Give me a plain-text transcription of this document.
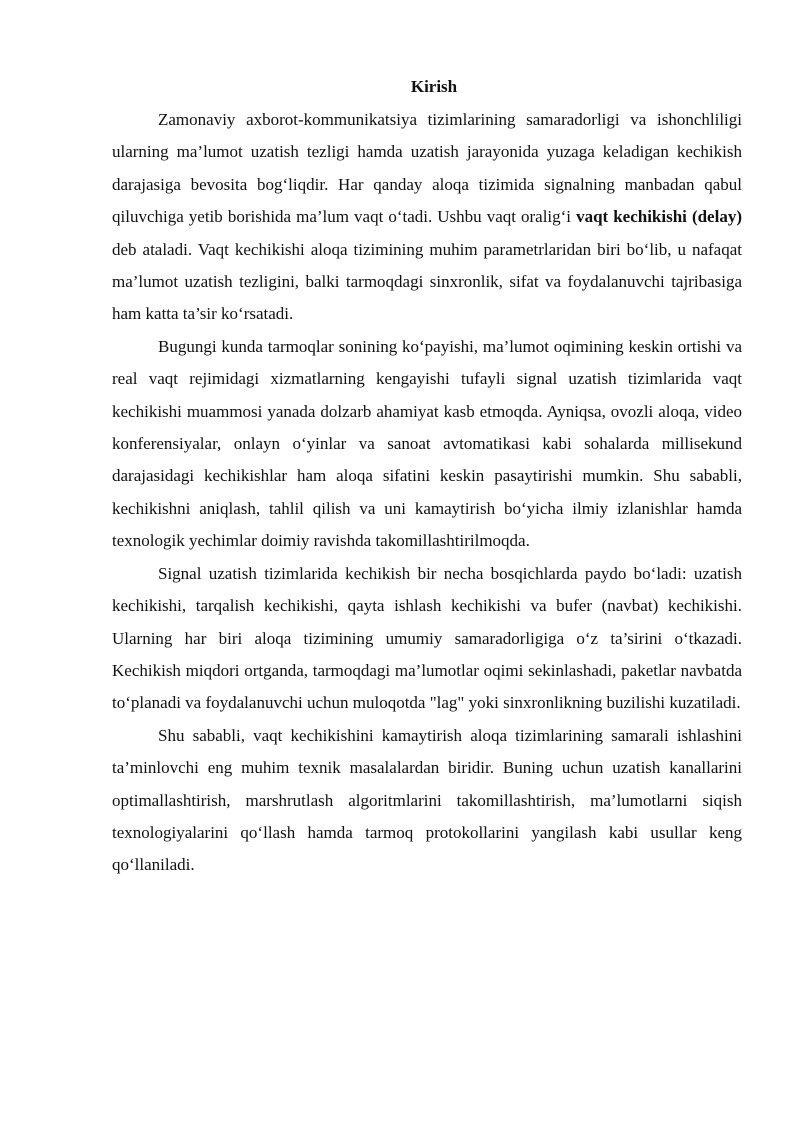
Kirish

Zamonaviy axborot-kommunikatsiya tizimlarining samaradorligi va ishonchliligi ularning ma’lumot uzatish tezligi hamda uzatish jarayonida yuzaga keladigan kechikish darajasiga bevosita bog‘liqdir. Har qanday aloqa tizimida signalning manbadan qabul qiluvchiga yetib borishida ma’lum vaqt o‘tadi. Ushbu vaqt oralig‘i vaqt kechikishi (delay) deb ataladi. Vaqt kechikishi aloqa tizimining muhim parametrlaridan biri bo‘lib, u nafaqat ma’lumot uzatish tezligini, balki tarmoqdagi sinxronlik, sifat va foydalanuvchi tajribasiga ham katta ta’sir ko‘rsatadi.

Bugungi kunda tarmoqlar sonining ko‘payishi, ma’lumot oqimining keskin ortishi va real vaqt rejimidagi xizmatlarning kengayishi tufayli signal uzatish tizimlarida vaqt kechikishi muammosi yanada dolzarb ahamiyat kasb etmoqda. Ayniqsa, ovozli aloqa, video konferensiyalar, onlayn o‘yinlar va sanoat avtomatikasi kabi sohalarda millisekund darajasidagi kechikishlar ham aloqa sifatini keskin pasaytirishi mumkin. Shu sababli, kechikishni aniqlash, tahlil qilish va uni kamaytirish bo‘yicha ilmiy izlanishlar hamda texnologik yechimlar doimiy ravishda takomillashtirilmoqda.

Signal uzatish tizimlarida kechikish bir necha bosqichlarda paydo bo‘ladi: uzatish kechikishi, tarqalish kechikishi, qayta ishlash kechikishi va bufer (navbat) kechikishi. Ularning har biri aloqa tizimining umumiy samaradorligiga o‘z ta’sirini o‘tkazadi. Kechikish miqdori ortganda, tarmoqdagi ma’lumotlar oqimi sekinlashadi, paketlar navbatda to‘planadi va foydalanuvchi uchun muloqotda "lag" yoki sinxronlikning buzilishi kuzatiladi.

Shu sababli, vaqt kechikishini kamaytirish aloqa tizimlarining samarali ishlashini ta’minlovchi eng muhim texnik masalalardan biridir. Buning uchun uzatish kanallarini optimallashtirish, marshrutlash algoritmlarini takomillashtirish, ma’lumotlarni siqish texnologiyalarini qo‘llash hamda tarmoq protokollarini yangilash kabi usullar keng qo‘llaniladi.
